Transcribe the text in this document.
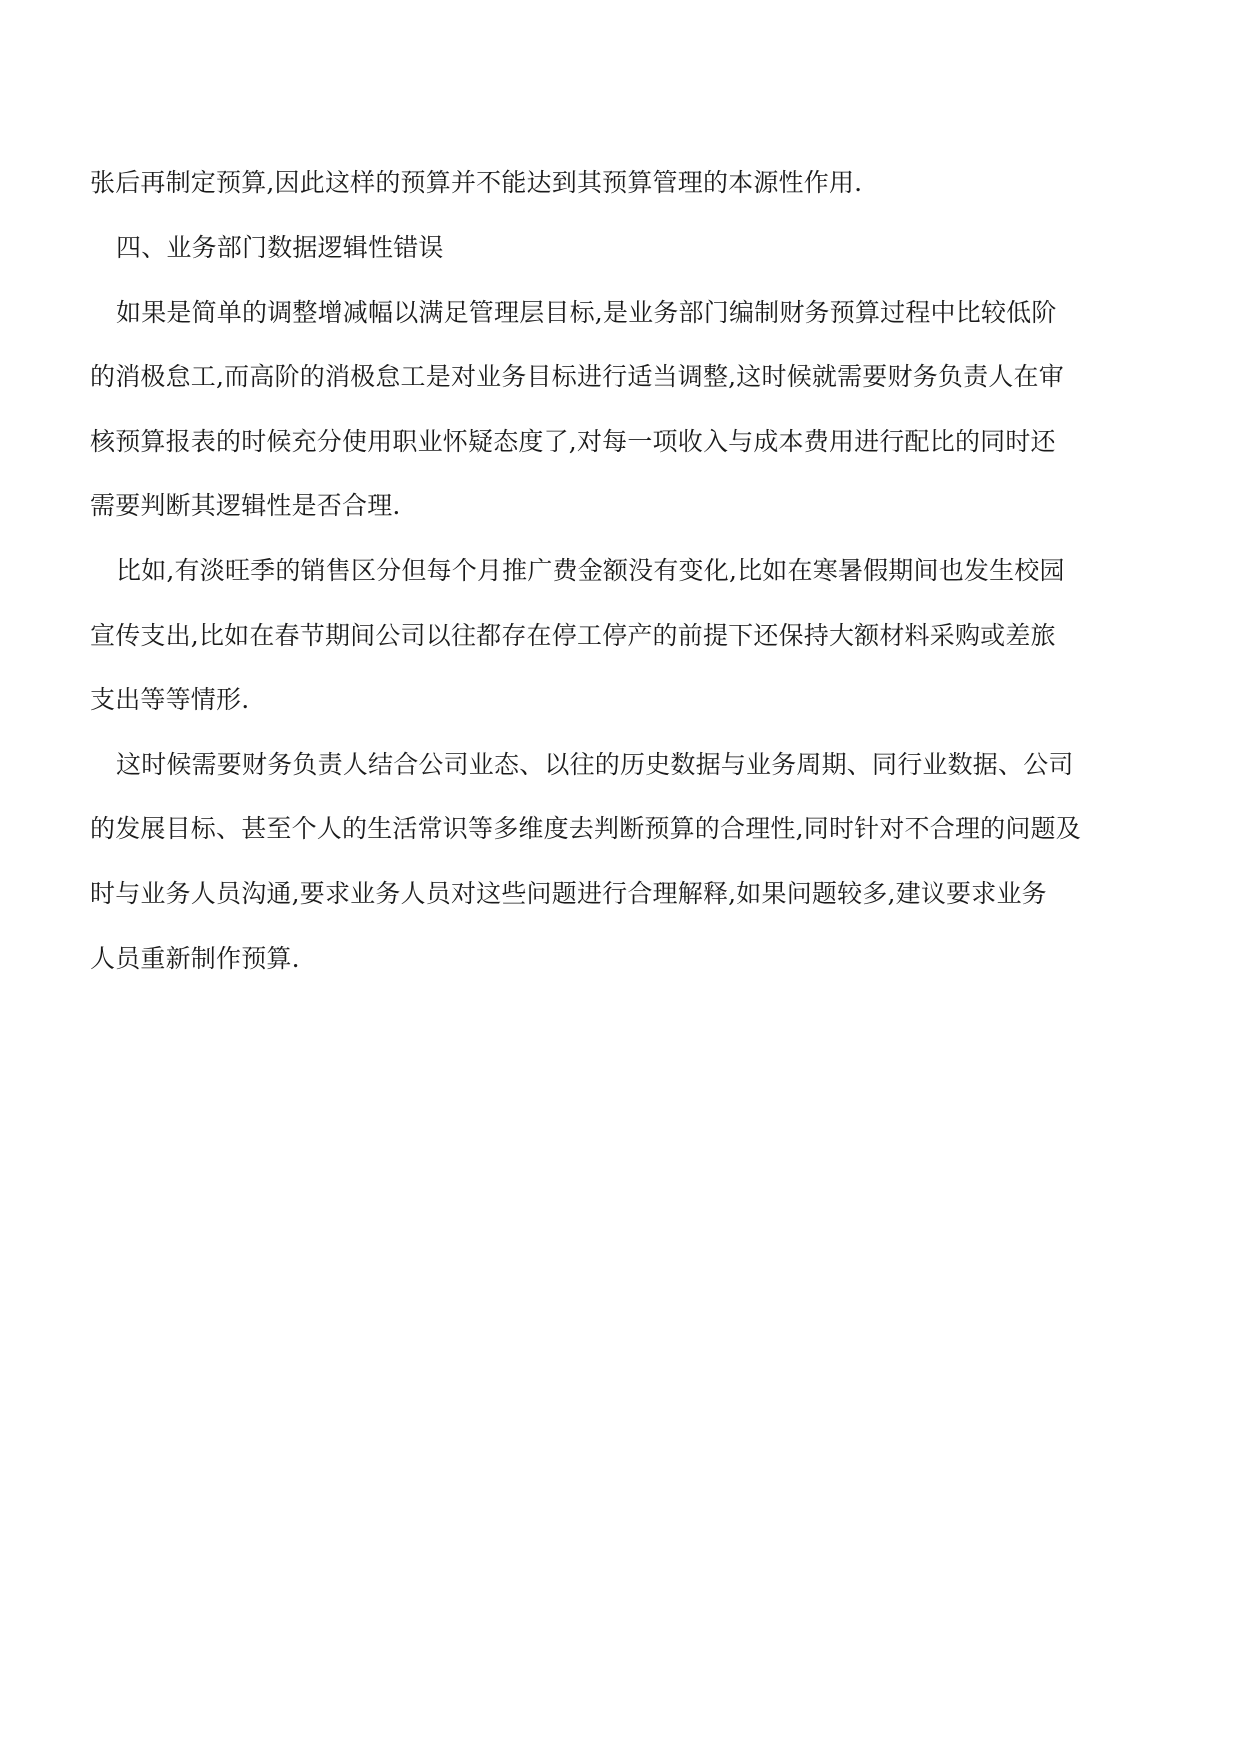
张后再制定预算,因此这样的预算并不能达到其预算管理的本源性作用.

四、业务部门数据逻辑性错误

如果是简单的调整增减幅以满足管理层目标,是业务部门编制财务预算过程中比较低阶

的消极怠工,而高阶的消极怠工是对业务目标进行适当调整,这时候就需要财务负责人在审

核预算报表的时候充分使用职业怀疑态度了,对每一项收入与成本费用进行配比的同时还

需要判断其逻辑性是否合理.

比如,有淡旺季的销售区分但每个月推广费金额没有变化,比如在寒暑假期间也发生校园

宣传支出,比如在春节期间公司以往都存在停工停产的前提下还保持大额材料采购或差旅

支出等等情形.

这时候需要财务负责人结合公司业态、以往的历史数据与业务周期、同行业数据、公司

的发展目标、甚至个人的生活常识等多维度去判断预算的合理性,同时针对不合理的问题及

时与业务人员沟通,要求业务人员对这些问题进行合理解释,如果问题较多,建议要求业务

人员重新制作预算.
